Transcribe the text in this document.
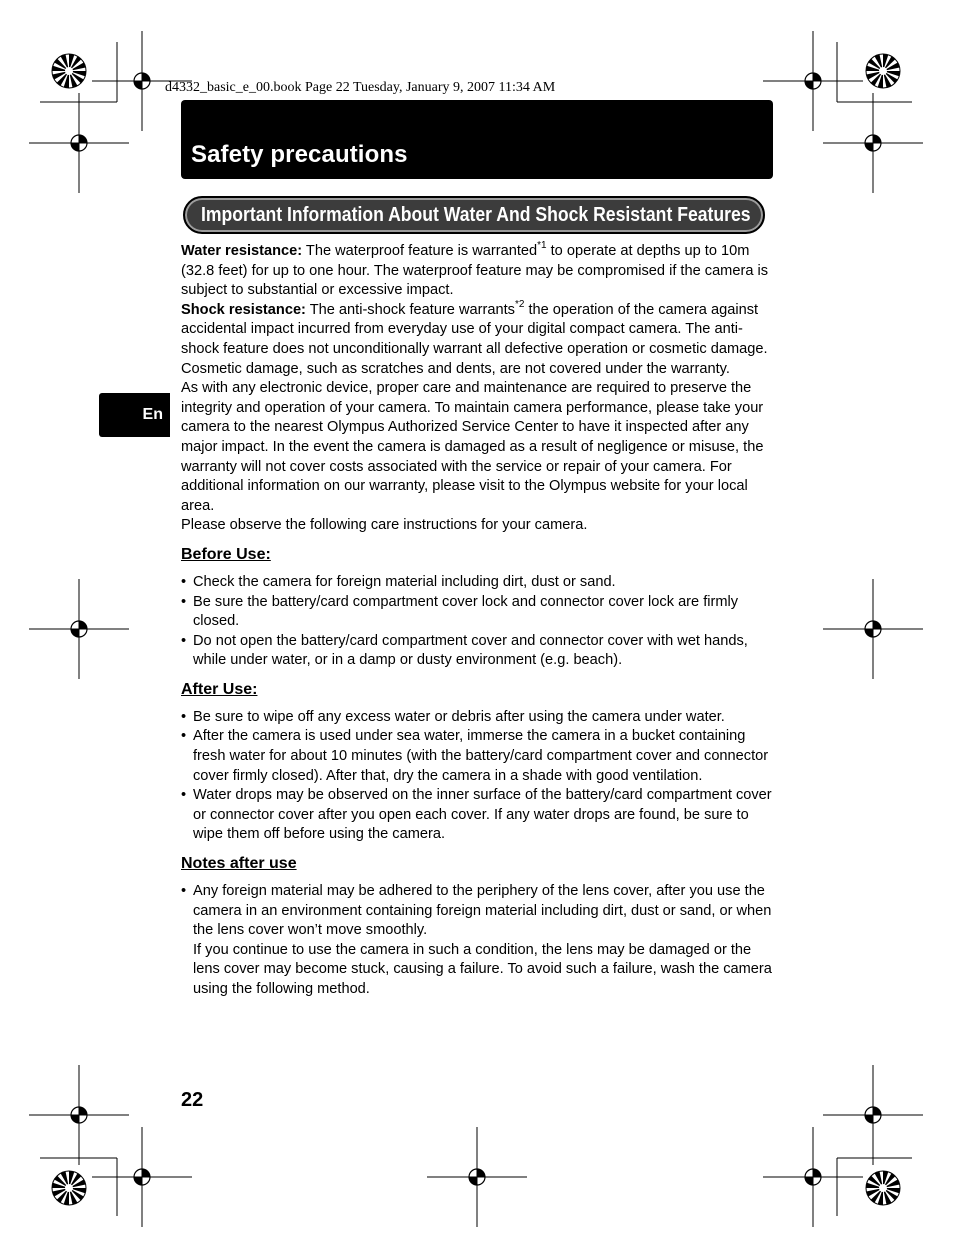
d4332_basic_e_00.book Page 22 Tuesday, January 9, 2007 11:34 AM
Safety precautions
Important Information About Water And Shock Resistant Features
En

Water resistance: The waterproof feature is warranted$^{*1}$ to operate at depths up to 10m (32.8 feet) for up to one hour. The waterproof feature may be compromised if the camera is subject to substantial or excessive impact.

Shock resistance: The anti-shock feature warrants$^{*2}$ the operation of the camera against accidental impact incurred from everyday use of your digital compact camera. The anti-shock feature does not unconditionally warrant all defective operation or cosmetic damage. Cosmetic damage, such as scratches and dents, are not covered under the warranty.

As with any electronic device, proper care and maintenance are required to preserve the integrity and operation of your camera. To maintain camera performance, please take your camera to the nearest Olympus Authorized Service Center to have it inspected after any major impact. In the event the camera is damaged as a result of negligence or misuse, the warranty will not cover costs associated with the service or repair of your camera. For additional information on our warranty, please visit to the Olympus website for your local area.

Please observe the following care instructions for your camera.

Before Use:
• Check the camera for foreign material including dirt, dust or sand.
• Be sure the battery/card compartment cover lock and connector cover lock are firmly closed.
• Do not open the battery/card compartment cover and connector cover with wet hands, while under water, or in a damp or dusty environment (e.g. beach).
After Use:
• Be sure to wipe off any excess water or debris after using the camera under water.
• After the camera is used under sea water, immerse the camera in a bucket containing fresh water for about 10 minutes (with the battery/card compartment cover and connector cover firmly closed). After that, dry the camera in a shade with good ventilation.
• Water drops may be observed on the inner surface of the battery/card compartment cover or connector cover after you open each cover. If any water drops are found, be sure to wipe them off before using the camera.
Notes after use

• Any foreign material may be adhered to the periphery of the lens cover, after you use the camera in an environment containing foreign material including dirt, dust or sand, or when the lens cover won’t move smoothly.

If you continue to use the camera in such a condition, the lens may be damaged or the lens cover may become stuck, causing a failure. To avoid such a failure, wash the camera using the following method.

22
